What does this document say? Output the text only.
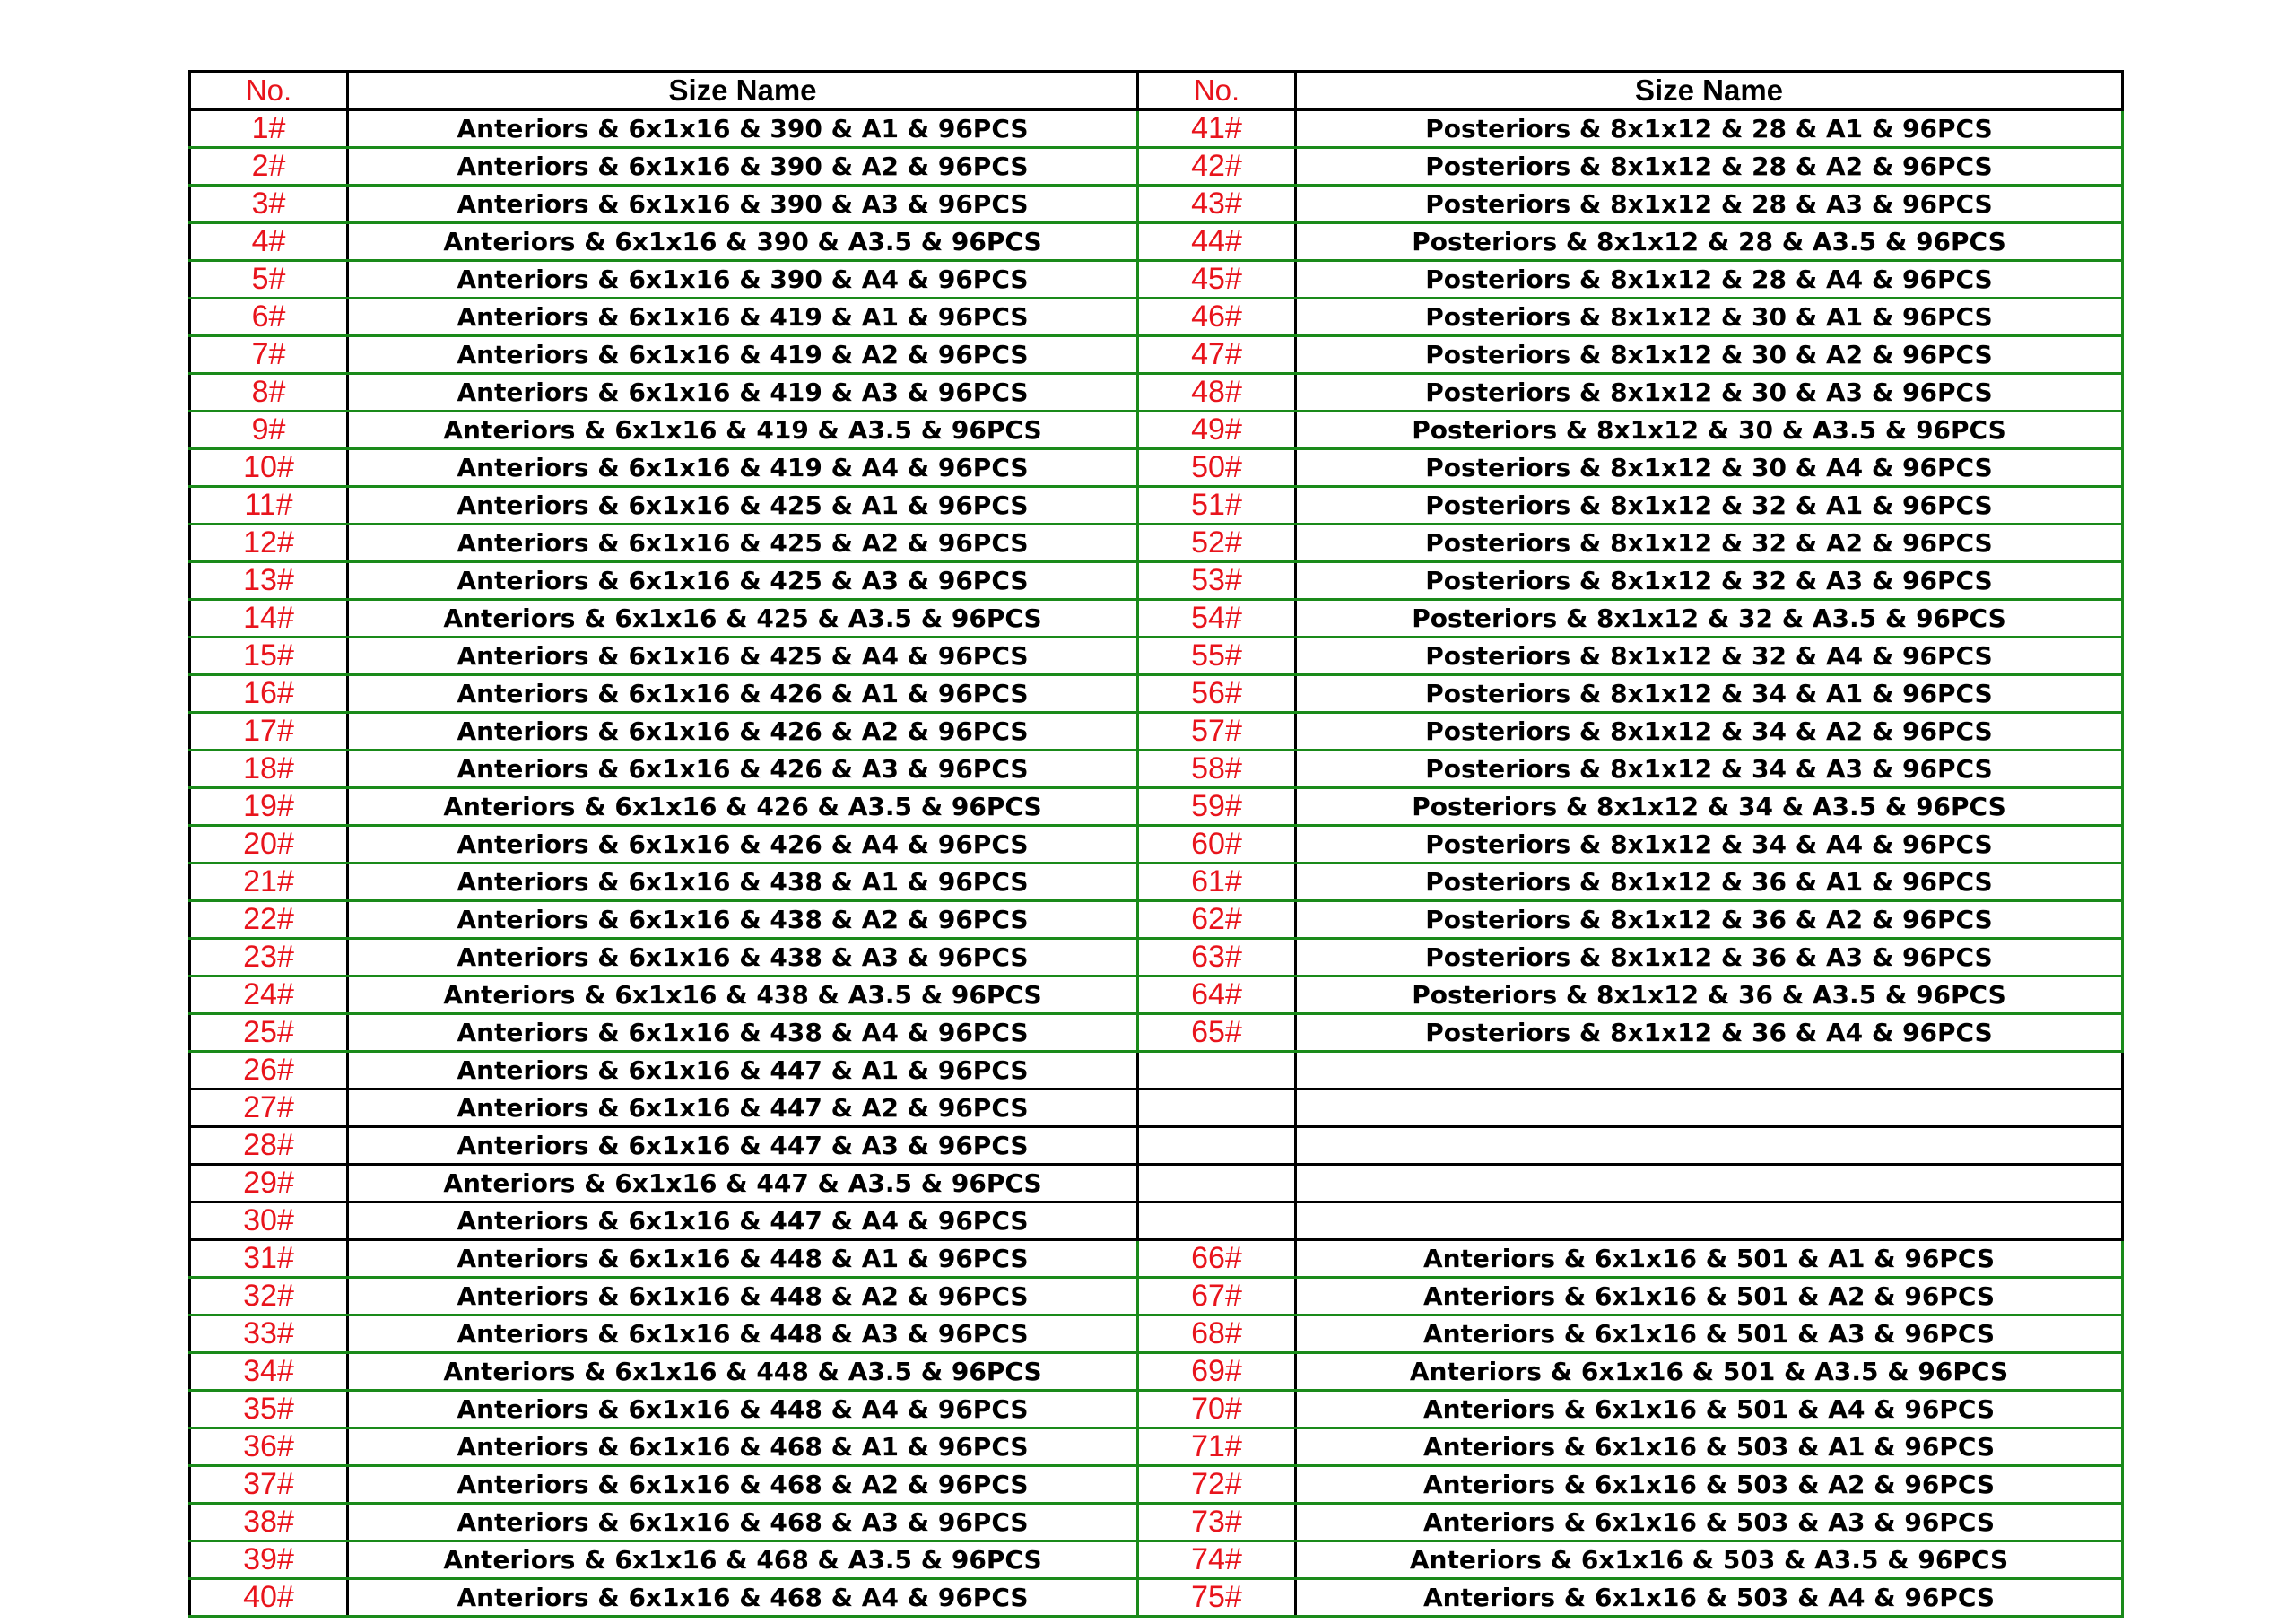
No.	Size Name	No.	Size Name
1#	Anteriors & 6x1x16 & 390 & A1 & 96PCS	41#	Posteriors & 8x1x12 & 28 & A1 & 96PCS
2#	Anteriors & 6x1x16 & 390 & A2 & 96PCS	42#	Posteriors & 8x1x12 & 28 & A2 & 96PCS
3#	Anteriors & 6x1x16 & 390 & A3 & 96PCS	43#	Posteriors & 8x1x12 & 28 & A3 & 96PCS
4#	Anteriors & 6x1x16 & 390 & A3.5 & 96PCS	44#	Posteriors & 8x1x12 & 28 & A3.5 & 96PCS
5#	Anteriors & 6x1x16 & 390 & A4 & 96PCS	45#	Posteriors & 8x1x12 & 28 & A4 & 96PCS
6#	Anteriors & 6x1x16 & 419 & A1 & 96PCS	46#	Posteriors & 8x1x12 & 30 & A1 & 96PCS
7#	Anteriors & 6x1x16 & 419 & A2 & 96PCS	47#	Posteriors & 8x1x12 & 30 & A2 & 96PCS
8#	Anteriors & 6x1x16 & 419 & A3 & 96PCS	48#	Posteriors & 8x1x12 & 30 & A3 & 96PCS
9#	Anteriors & 6x1x16 & 419 & A3.5 & 96PCS	49#	Posteriors & 8x1x12 & 30 & A3.5 & 96PCS
10#	Anteriors & 6x1x16 & 419 & A4 & 96PCS	50#	Posteriors & 8x1x12 & 30 & A4 & 96PCS
11#	Anteriors & 6x1x16 & 425 & A1 & 96PCS	51#	Posteriors & 8x1x12 & 32 & A1 & 96PCS
12#	Anteriors & 6x1x16 & 425 & A2 & 96PCS	52#	Posteriors & 8x1x12 & 32 & A2 & 96PCS
13#	Anteriors & 6x1x16 & 425 & A3 & 96PCS	53#	Posteriors & 8x1x12 & 32 & A3 & 96PCS
14#	Anteriors & 6x1x16 & 425 & A3.5 & 96PCS	54#	Posteriors & 8x1x12 & 32 & A3.5 & 96PCS
15#	Anteriors & 6x1x16 & 425 & A4 & 96PCS	55#	Posteriors & 8x1x12 & 32 & A4 & 96PCS
16#	Anteriors & 6x1x16 & 426 & A1 & 96PCS	56#	Posteriors & 8x1x12 & 34 & A1 & 96PCS
17#	Anteriors & 6x1x16 & 426 & A2 & 96PCS	57#	Posteriors & 8x1x12 & 34 & A2 & 96PCS
18#	Anteriors & 6x1x16 & 426 & A3 & 96PCS	58#	Posteriors & 8x1x12 & 34 & A3 & 96PCS
19#	Anteriors & 6x1x16 & 426 & A3.5 & 96PCS	59#	Posteriors & 8x1x12 & 34 & A3.5 & 96PCS
20#	Anteriors & 6x1x16 & 426 & A4 & 96PCS	60#	Posteriors & 8x1x12 & 34 & A4 & 96PCS
21#	Anteriors & 6x1x16 & 438 & A1 & 96PCS	61#	Posteriors & 8x1x12 & 36 & A1 & 96PCS
22#	Anteriors & 6x1x16 & 438 & A2 & 96PCS	62#	Posteriors & 8x1x12 & 36 & A2 & 96PCS
23#	Anteriors & 6x1x16 & 438 & A3 & 96PCS	63#	Posteriors & 8x1x12 & 36 & A3 & 96PCS
24#	Anteriors & 6x1x16 & 438 & A3.5 & 96PCS	64#	Posteriors & 8x1x12 & 36 & A3.5 & 96PCS
25#	Anteriors & 6x1x16 & 438 & A4 & 96PCS	65#	Posteriors & 8x1x12 & 36 & A4 & 96PCS
26#	Anteriors & 6x1x16 & 447 & A1 & 96PCS		
27#	Anteriors & 6x1x16 & 447 & A2 & 96PCS		
28#	Anteriors & 6x1x16 & 447 & A3 & 96PCS		
29#	Anteriors & 6x1x16 & 447 & A3.5 & 96PCS		
30#	Anteriors & 6x1x16 & 447 & A4 & 96PCS		
31#	Anteriors & 6x1x16 & 448 & A1 & 96PCS	66#	Anteriors & 6x1x16 & 501 & A1 & 96PCS
32#	Anteriors & 6x1x16 & 448 & A2 & 96PCS	67#	Anteriors & 6x1x16 & 501 & A2 & 96PCS
33#	Anteriors & 6x1x16 & 448 & A3 & 96PCS	68#	Anteriors & 6x1x16 & 501 & A3 & 96PCS
34#	Anteriors & 6x1x16 & 448 & A3.5 & 96PCS	69#	Anteriors & 6x1x16 & 501 & A3.5 & 96PCS
35#	Anteriors & 6x1x16 & 448 & A4 & 96PCS	70#	Anteriors & 6x1x16 & 501 & A4 & 96PCS
36#	Anteriors & 6x1x16 & 468 & A1 & 96PCS	71#	Anteriors & 6x1x16 & 503 & A1 & 96PCS
37#	Anteriors & 6x1x16 & 468 & A2 & 96PCS	72#	Anteriors & 6x1x16 & 503 & A2 & 96PCS
38#	Anteriors & 6x1x16 & 468 & A3 & 96PCS	73#	Anteriors & 6x1x16 & 503 & A3 & 96PCS
39#	Anteriors & 6x1x16 & 468 & A3.5 & 96PCS	74#	Anteriors & 6x1x16 & 503 & A3.5 & 96PCS
40#	Anteriors & 6x1x16 & 468 & A4 & 96PCS	75#	Anteriors & 6x1x16 & 503 & A4 & 96PCS
